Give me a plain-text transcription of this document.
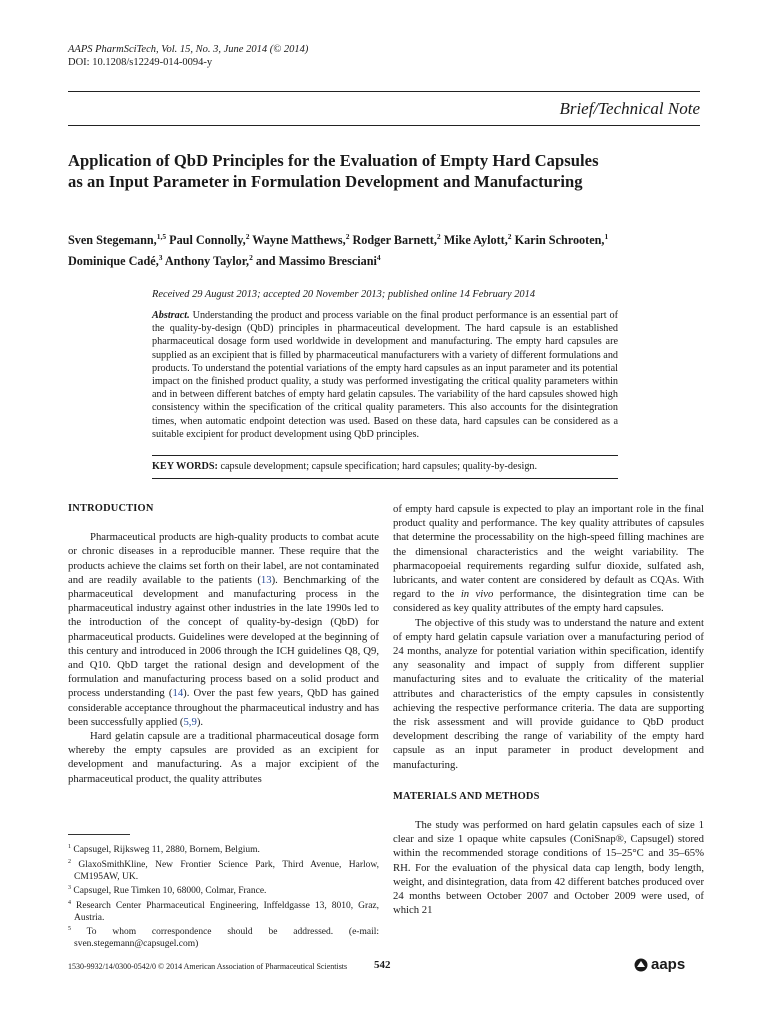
AAPS PharmSciTech, Vol. 15, No. 3, June 2014 (© 2014)
DOI: 10.1208/s12249-014-0094-y
Brief/Technical Note
Application of QbD Principles for the Evaluation of Empty Hard Capsules
as an Input Parameter in Formulation Development and Manufacturing
Sven Stegemann,$^{1,5}$ Paul Connolly,$^2$ Wayne Matthews,$^2$ Rodger Barnett,$^2$ Mike Aylott,$^2$ Karin Schrooten,$^1$
Dominique Cadé,$^3$ Anthony Taylor,$^2$ and Massimo Bresciani$^4$
Received 29 August 2013; accepted 20 November 2013; published online 14 February 2014
Abstract. Understanding the product and process variable on the final product performance is an essential part of the quality-by-design (QbD) principles in pharmaceutical development. The hard capsule is an established pharmaceutical dosage form used worldwide in development and manufacturing. The empty hard capsules are supplied as an excipient that is filled by pharmaceutical manufacturers with a variety of different formulations and products. To understand the potential variations of the empty hard capsules as an input parameter and its potential impact on the finished product quality, a study was performed investigating the critical quality parameters within and in between different batches of empty hard gelatin capsules. The variability of the hard capsules showed high consistency within the specification of the critical quality parameters. This also accounts for the disintegration times, when automatic endpoint detection was used. Based on these data, hard capsules can be considered as a suitable excipient for product development using QbD principles.
KEY WORDS: capsule development; capsule specification; hard capsules; quality-by-design.
INTRODUCTION

Pharmaceutical products are high-quality products to combat acute or chronic diseases in a reproducible manner. These require that the products achieve the claims set forth on their label, are not contaminated and are readily available to the patients (13). Benchmarking of the pharmaceutical development and manufacturing process in the pharmaceutical industry against other industries in the late 1990s led to the introduction of the concept of quality-by-design (QbD) for pharmaceutical products. Guidelines were developed at the beginning of this century and introduced in 2006 through the ICH guidelines Q8, Q9, and Q10. QbD target the rational design and development of the formulation and manufacturing process based on a solid product and process understanding (14). Over the past few years, QbD has gained considerable acceptance throughout the pharmaceutical industry and has been successfully applied (5,9).

Hard gelatin capsule are a traditional pharmaceutical dosage form whereby the empty capsules are provided as an excipient for development and manufacturing. As a major excipient of the pharmaceutical product, the quality attributes

of empty hard capsule is expected to play an important role in the final product quality and performance. The key quality attributes of capsules that determine the processability on the high-speed filling machines are the dimensional characteristics and the weight variability. The pharmacopoeial requirements regarding sulfur dioxide, sulfated ash, lubricants, and water content are considered by default as CQAs. With regard to the in vivo performance, the disintegration time can be considered as key quality attributes of the empty hard capsules.

The objective of this study was to understand the nature and extent of empty hard gelatin capsule variation over a manufacturing period of 24 months, analyze for potential variation within specification, identify any seasonality and impact of supply from different supplier manufacturing sites and to evaluate the criticality of the material attributes and characteristics of the empty capsules in consistently achieving the respective performance criteria. The data are supporting the risk assessment and will provide guidance to QbD product development describing the range of variability of the empty hard capsule as an input parameter in product development and manufacturing.

MATERIALS AND METHODS

The study was performed on hard gelatin capsules each of size 1 clear and size 1 opaque white capsules (ConiSnap®, Capsugel) stored within the recommended storage conditions of 15–25°C and 35–65% RH. For the evaluation of the physical data cap length, body length, weight, and disintegration, data from 42 different batches produced over 24 months between October 2007 and October 2009 were used, of which 21

$^1$ Capsugel, Rijksweg 11, 2880, Bornem, Belgium.
$^2$ GlaxoSmithKline, New Frontier Science Park, Third Avenue, Harlow, CM195AW, UK.
$^3$ Capsugel, Rue Timken 10, 68000, Colmar, France.
$^4$ Research Center Pharmaceutical Engineering, Inffeldgasse 13, 8010, Graz, Austria.
$^5$ To whom correspondence should be addressed. (e-mail: sven.stegemann@capsugel.com)
1530-9932/14/0300-0542/0 © 2014 American Association of Pharmaceutical Scientists 542	aaps
